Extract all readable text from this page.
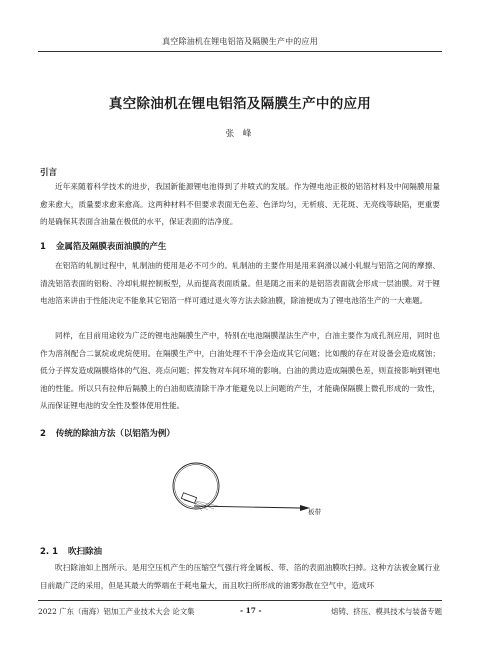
真空除油机在锂电铝箔及隔膜生产中的应用
真空除油机在锂电铝箔及隔膜生产中的应用
张 峰
引言

近年来随着科学技术的进步，我国新能源锂电池得到了井喷式的发展。作为锂电池正极的铝箔材料及中间隔膜用量愈来愈大，质量要求愈来愈高。这两种材料不但要求表面无色差、色泽均匀，无析痕、无花斑、无亮线等缺陷，更重要的是确保其表面含油量在极低的水平，保证表面的洁净度。

1 金属箔及隔膜表面油膜的产生

在铝箔的轧制过程中，轧制油的使用是必不可少的。轧制油的主要作用是用来润滑以减小轧辊与铝箔之间的摩擦、清洗铝箔表面的铝粉、冷却轧辊控制板型，从而提高表面质量。但是随之而来的是铝箔表面就会形成一层油膜。对于锂电池箔来讲由于性能决定不能象其它铝箔一样可通过退火等方法去除油膜，除油便成为了锂电池箔生产的一大难题。

同样，在目前用途较为广泛的锂电池隔膜生产中，特别在电池隔膜湿法生产中，白油主要作为成孔剂应用，同时也作为溶剂配合二氯烷或虎烷使用。在隔膜生产中，白油处理不干净会造成其它问题；比如酸的存在对设备会造成腐蚀；低分子挥发造成隔膜烙体的气泡、亮点问题；挥发物对车间环境的影响。白油的黄边造成隔膜色差，则直接影响到锂电池的性能。所以只有拉伸后隔膜上的白油彻底清除干净才能避免以上问题的产生，才能确保隔膜上微孔形成的一致性，从而保证锂电池的安全性及整体使用性能。

2 传统的除油方法（以铝箔为例）
板带
2. 1 吹扫除油

吹扫除油如上图所示。是用空压机产生的压缩空气强行将金属板、带、箔的表面油膜吹扫掉。这种方法被金属行业目前最广泛的采用，但是其最大的弊端在于耗电量大，而且吹扫所形成的油雾弥散在空气中，造成环

2022 广东（南海）铝加工产业技术大会 论文集	- 17 -	熔铸、挤压、模具技术与装备专题
